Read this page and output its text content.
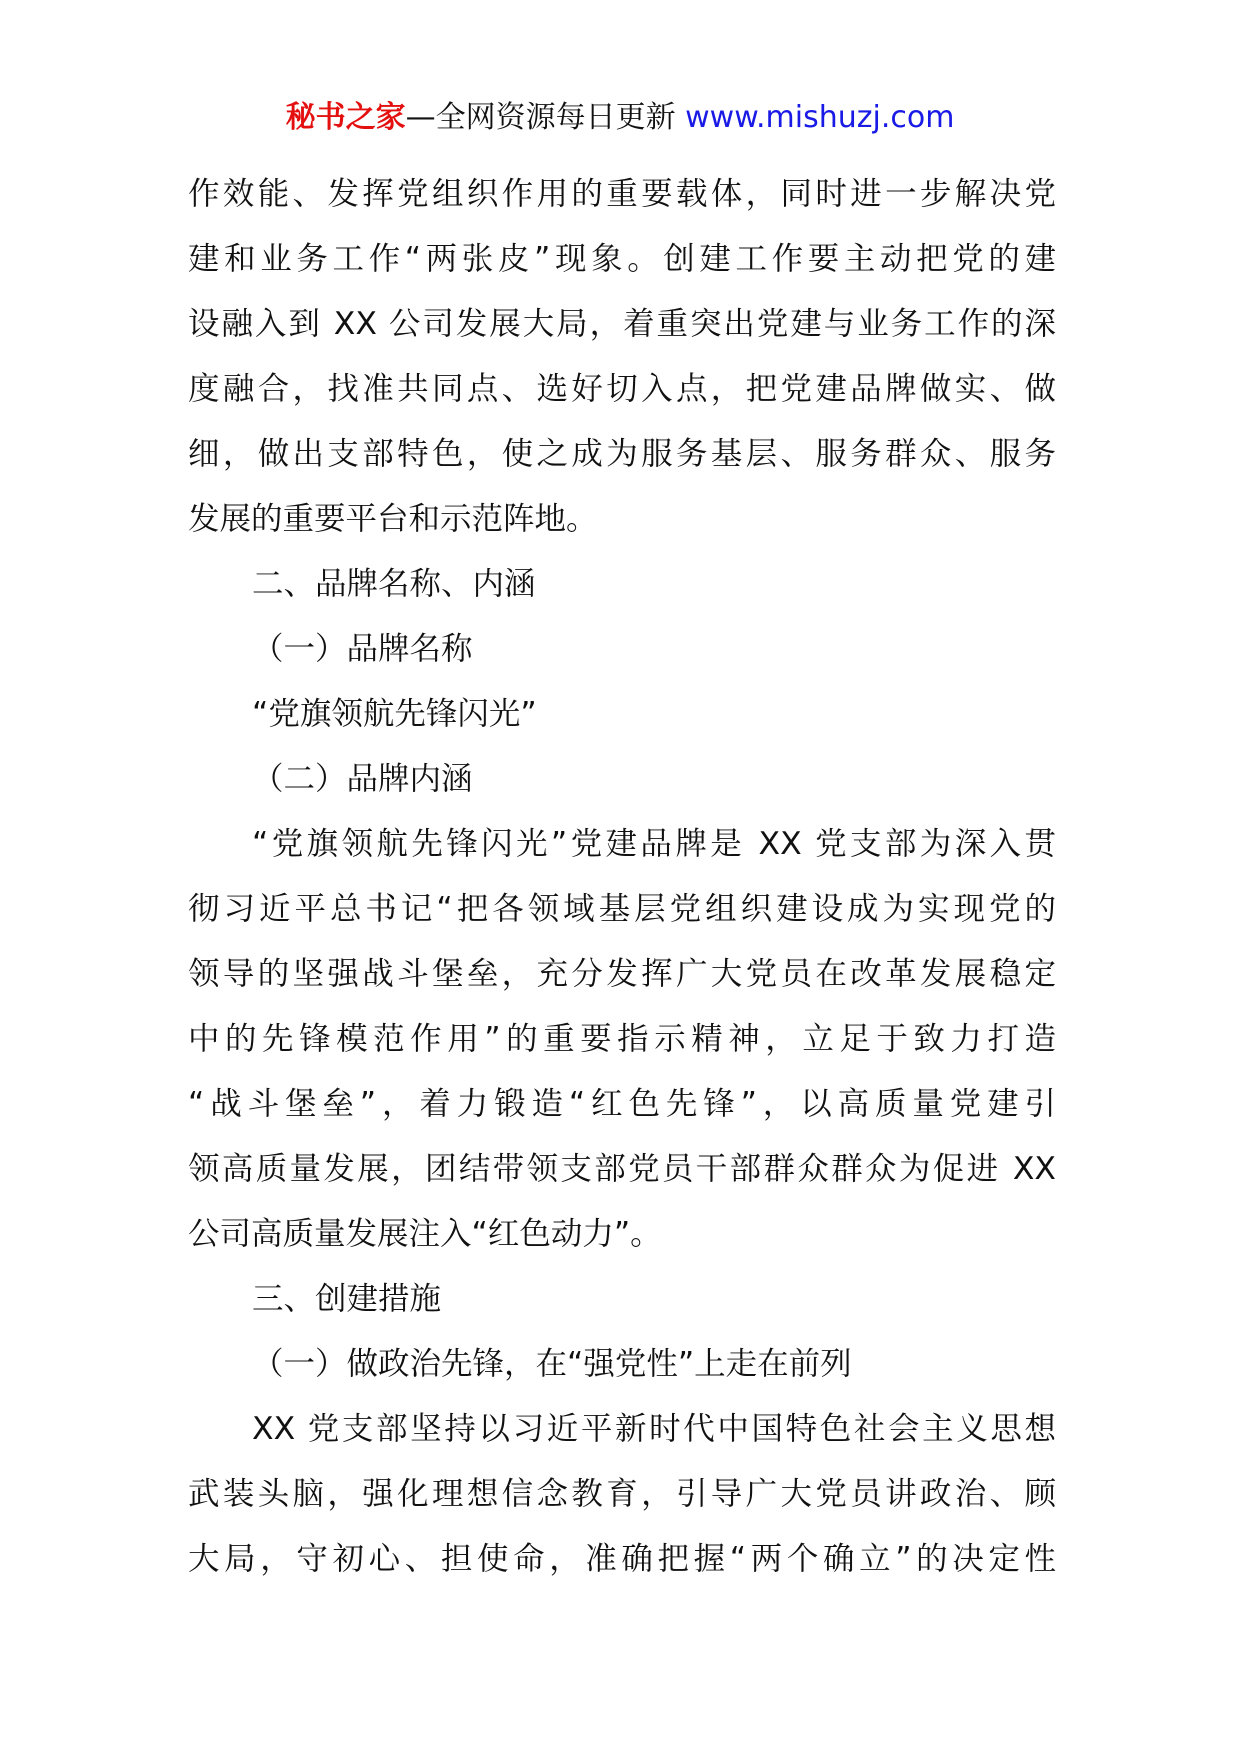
秘书之家—全网资源每日更新 www.mishuzj.com
作效能、发挥党组织作用的重要载体，同时进一步解决党
建和业务工作“两张皮”现象。创建工作要主动把党的建
设融入到 XX 公司发展大局，着重突出党建与业务工作的深
度融合，找准共同点、选好切入点，把党建品牌做实、做
细，做出支部特色，使之成为服务基层、服务群众、服务
发展的重要平台和示范阵地。
二、品牌名称、内涵
（一）品牌名称
“党旗领航先锋闪光”
（二）品牌内涵
“党旗领航先锋闪光”党建品牌是 XX 党支部为深入贯
彻习近平总书记“把各领域基层党组织建设成为实现党的
领导的坚强战斗堡垒，充分发挥广大党员在改革发展稳定
中的先锋模范作用”的重要指示精神，立足于致力打造
“战斗堡垒”，着力锻造“红色先锋”，以高质量党建引
领高质量发展，团结带领支部党员干部群众群众为促进 XX
公司高质量发展注入“红色动力”。
三、创建措施
（一）做政治先锋，在“强党性”上走在前列
XX 党支部坚持以习近平新时代中国特色社会主义思想
武装头脑，强化理想信念教育，引导广大党员讲政治、顾
大局，守初心、担使命，准确把握“两个确立”的决定性
